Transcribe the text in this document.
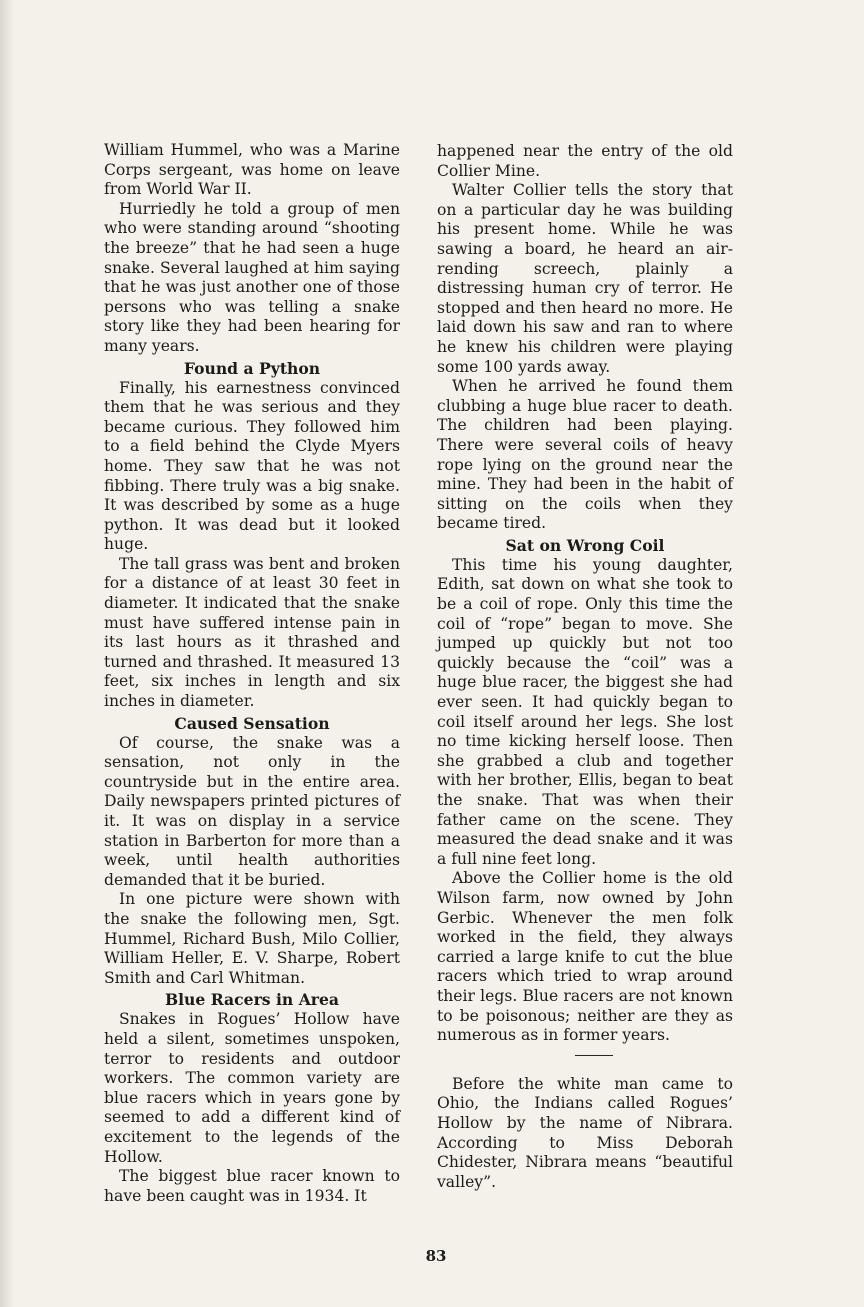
William Hummel, who was a Marine Corps sergeant, was home on leave from World War II.

Hurriedly he told a group of men who were standing around “shooting the breeze” that he had seen a huge snake. Several laughed at him saying that he was just another one of those persons who was telling a snake story like they had been hearing for many years.

Found a Python

Finally, his earnestness convinced them that he was serious and they became curious. They followed him to a field behind the Clyde Myers home. They saw that he was not fibbing. There truly was a big snake. It was described by some as a huge python. It was dead but it looked huge.

The tall grass was bent and broken for a distance of at least 30 feet in diameter. It indicated that the snake must have suffered intense pain in its last hours as it thrashed and turned and thrashed. It measured 13 feet, six inches in length and six inches in diameter.

Caused Sensation

Of course, the snake was a sensation, not only in the countryside but in the entire area. Daily newspapers printed pictures of it. It was on display in a service station in Barberton for more than a week, until health authorities demanded that it be buried.

In one picture were shown with the snake the following men, Sgt. Hummel, Richard Bush, Milo Collier, William Heller, E. V. Sharpe, Robert Smith and Carl Whitman.

Blue Racers in Area

Snakes in Rogues’ Hollow have held a silent, sometimes unspoken, terror to residents and outdoor workers. The common variety are blue racers which in years gone by seemed to add a different kind of excitement to the legends of the Hollow.

The biggest blue racer known to have been caught was in 1934. It

happened near the entry of the old Collier Mine.

Walter Collier tells the story that on a particular day he was building his present home. While he was sawing a board, he heard an air-rending screech, plainly a distressing human cry of terror. He stopped and then heard no more. He laid down his saw and ran to where he knew his children were playing some 100 yards away.

When he arrived he found them clubbing a huge blue racer to death. The children had been playing. There were several coils of heavy rope lying on the ground near the mine. They had been in the habit of sitting on the coils when they became tired.

Sat on Wrong Coil

This time his young daughter, Edith, sat down on what she took to be a coil of rope. Only this time the coil of “rope” began to move. She jumped up quickly but not too quickly because the “coil” was a huge blue racer, the biggest she had ever seen. It had quickly began to coil itself around her legs. She lost no time kicking herself loose. Then she grabbed a club and together with her brother, Ellis, began to beat the snake. That was when their father came on the scene. They measured the dead snake and it was a full nine feet long.

Above the Collier home is the old Wilson farm, now owned by John Gerbic. Whenever the men folk worked in the field, they always carried a large knife to cut the blue racers which tried to wrap around their legs. Blue racers are not known to be poisonous; neither are they as numerous as in former years.

Before the white man came to Ohio, the Indians called Rogues’ Hollow by the name of Nibrara. According to Miss Deborah Chidester, Nibrara means “beautiful valley”.

83
